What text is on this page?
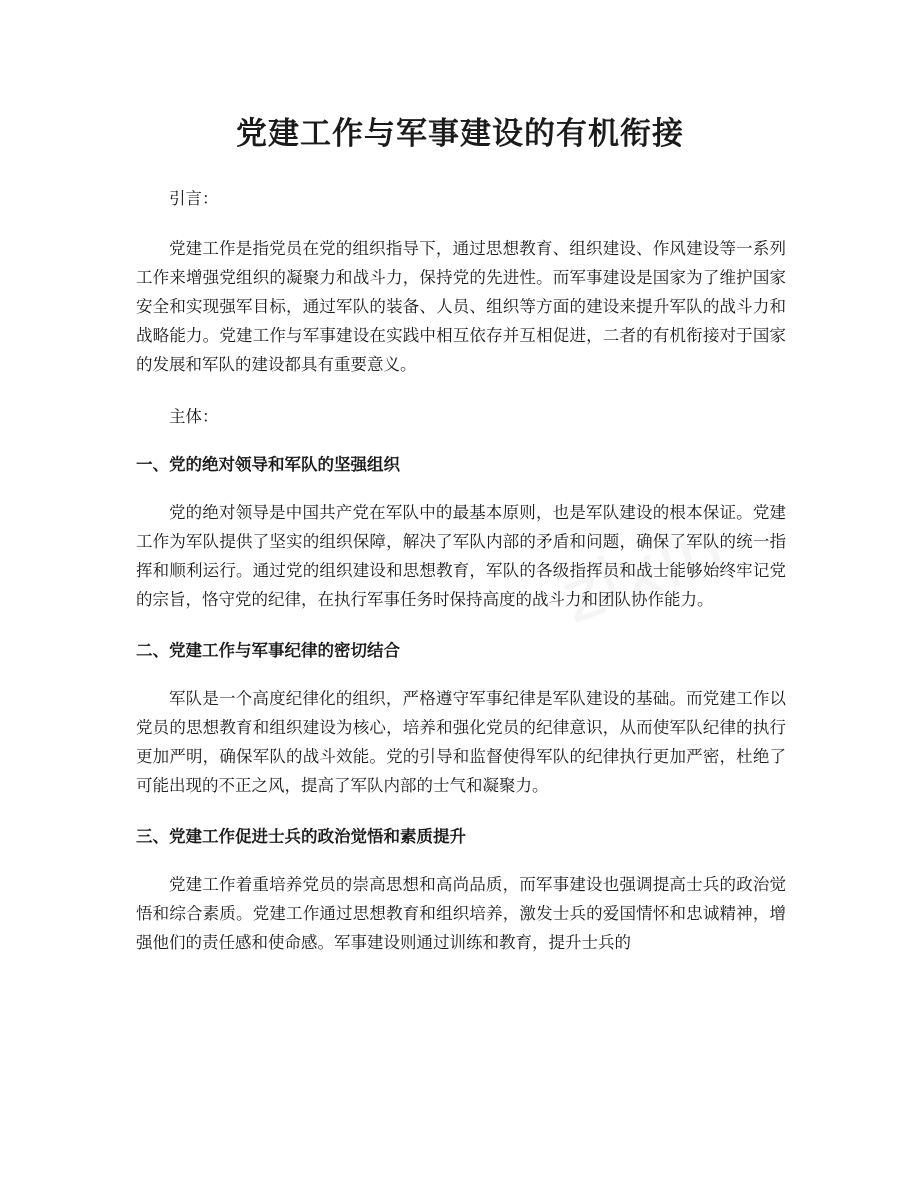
党建工作与军事建设的有机衔接

引言：

党建工作是指党员在党的组织指导下，通过思想教育、组织建设、作风建设等一系列工作来增强党组织的凝聚力和战斗力，保持党的先进性。而军事建设是国家为了维护国家安全和实现强军目标，通过军队的装备、人员、组织等方面的建设来提升军队的战斗力和战略能力。党建工作与军事建设在实践中相互依存并互相促进，二者的有机衔接对于国家的发展和军队的建设都具有重要意义。

主体：

一、党的绝对领导和军队的坚强组织

党的绝对领导是中国共产党在军队中的最基本原则，也是军队建设的根本保证。党建工作为军队提供了坚实的组织保障，解决了军队内部的矛盾和问题，确保了军队的统一指挥和顺利运行。通过党的组织建设和思想教育，军队的各级指挥员和战士能够始终牢记党的宗旨，恪守党的纪律，在执行军事任务时保持高度的战斗力和团队协作能力。

二、党建工作与军事纪律的密切结合

军队是一个高度纪律化的组织，严格遵守军事纪律是军队建设的基础。而党建工作以党员的思想教育和组织建设为核心，培养和强化党员的纪律意识，从而使军队纪律的执行更加严明，确保军队的战斗效能。党的引导和监督使得军队的纪律执行更加严密，杜绝了可能出现的不正之风，提高了军队内部的士气和凝聚力。

三、党建工作促进士兵的政治觉悟和素质提升

党建工作着重培养党员的崇高思想和高尚品质，而军事建设也强调提高士兵的政治觉悟和综合素质。党建工作通过思想教育和组织培养，激发士兵的爱国情怀和忠诚精神，增强他们的责任感和使命感。军事建设则通过训练和教育，提升士兵的
